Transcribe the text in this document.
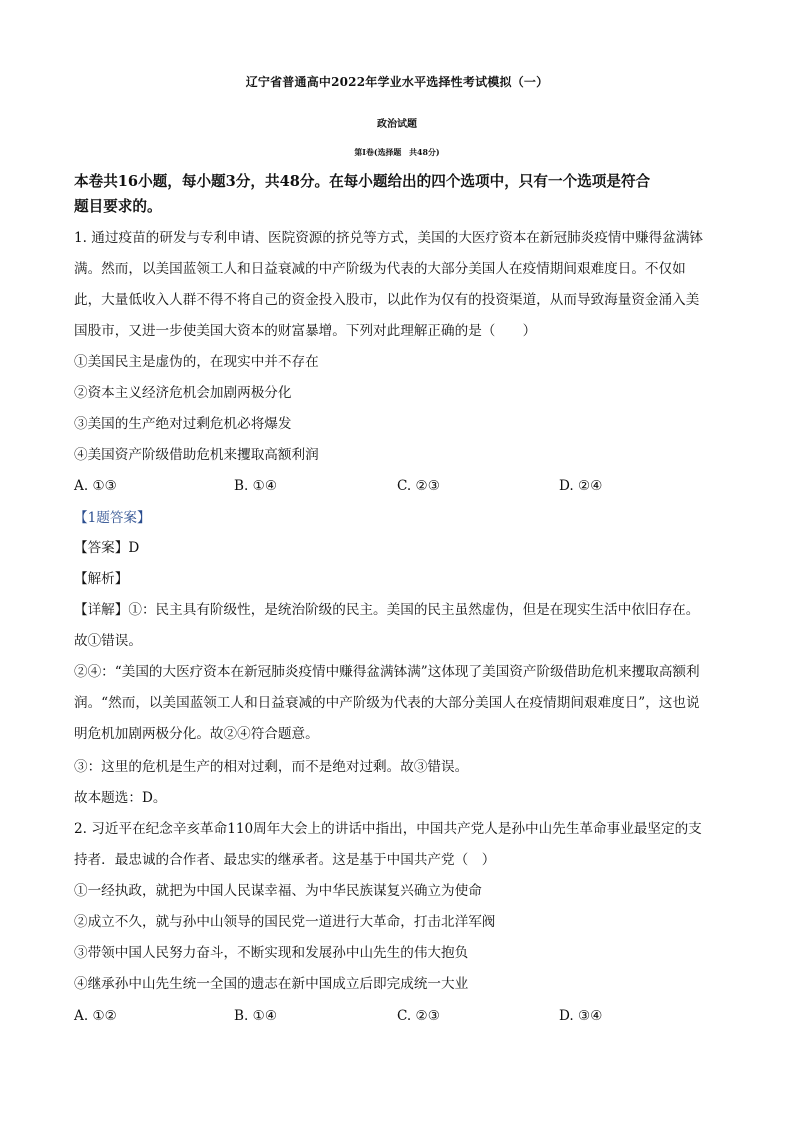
辽宁省普通高中2022年学业水平选择性考试模拟（一）
政治试题
第Ⅰ卷(选择题　共48分)
本卷共16小题，每小题3分，共48分。在每小题给出的四个选项中，只有一个选项是符合
题目要求的。
1. 通过疫苗的研发与专利申请、医院资源的挤兑等方式，美国的大医疗资本在新冠肺炎疫情中赚得盆满钵
满。然而，以美国蓝领工人和日益衰减的中产阶级为代表的大部分美国人在疫情期间艰难度日。不仅如
此，大量低收入人群不得不将自己的资金投入股市，以此作为仅有的投资渠道，从而导致海量资金涌入美
国股市，又进一步使美国大资本的财富暴增。下列对此理解正确的是（　　）
①美国民主是虚伪的，在现实中并不存在
②资本主义经济危机会加剧两极分化
③美国的生产绝对过剩危机必将爆发
④美国资产阶级借助危机来攫取高额利润
A. ①③	B. ①④	C. ②③	D. ②④
【1题答案】
【答案】D
【解析】
【详解】①：民主具有阶级性，是统治阶级的民主。美国的民主虽然虚伪，但是在现实生活中依旧存在。
故①错误。
②④：“美国的大医疗资本在新冠肺炎疫情中赚得盆满钵满”这体现了美国资产阶级借助危机来攫取高额利
润。“然而，以美国蓝领工人和日益衰减的中产阶级为代表的大部分美国人在疫情期间艰难度日”，这也说
明危机加剧两极分化。故②④符合题意。
③：这里的危机是生产的相对过剩，而不是绝对过剩。故③错误。
故本题选：D。
2. 习近平在纪念辛亥革命110周年大会上的讲话中指出，中国共产党人是孙中山先生革命事业最坚定的支
持者．最忠诚的合作者、最忠实的继承者。这是基于中国共产党（　）
①一经执政，就把为中国人民谋幸福、为中华民族谋复兴确立为使命
②成立不久，就与孙中山领导的国民党一道进行大革命，打击北洋军阀
③带领中国人民努力奋斗，不断实现和发展孙中山先生的伟大抱负
④继承孙中山先生统一全国的遗志在新中国成立后即完成统一大业
A. ①②	B. ①④	C. ②③	D. ③④
